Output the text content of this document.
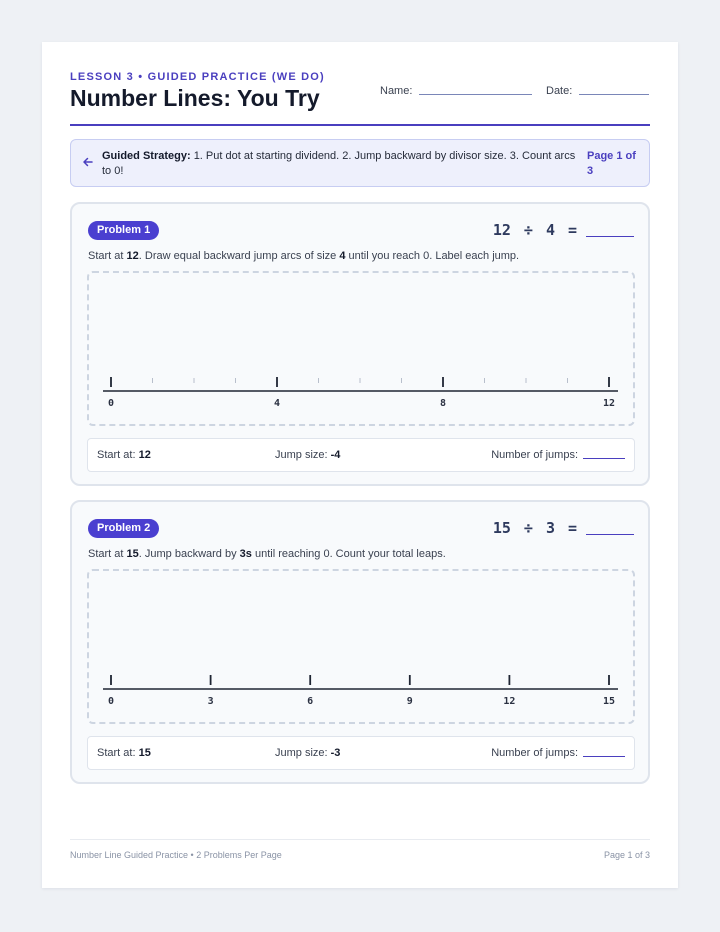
LESSON 3 • GUIDED PRACTICE (WE DO)
Number Lines: You Try	Name:	Date:
Guided Strategy: 1. Put dot at starting dividend. 2. Jump backward by divisor size. 3. Count arcs to 0!
Page 1 of 3
Problem 1	12 ÷ 4 =
Start at 12. Draw equal backward jump arcs of size 4 until you reach 0. Label each jump.
0	4	8	12
Start at: 12	Jump size: -4	Number of jumps:
Problem 2	15 ÷ 3 =
Start at 15. Jump backward by 3s until reaching 0. Count your total leaps.
0	3	6	9	12	15
Start at: 15	Jump size: -3	Number of jumps:
Number Line Guided Practice • 2 Problems Per Page	Page 1 of 3
